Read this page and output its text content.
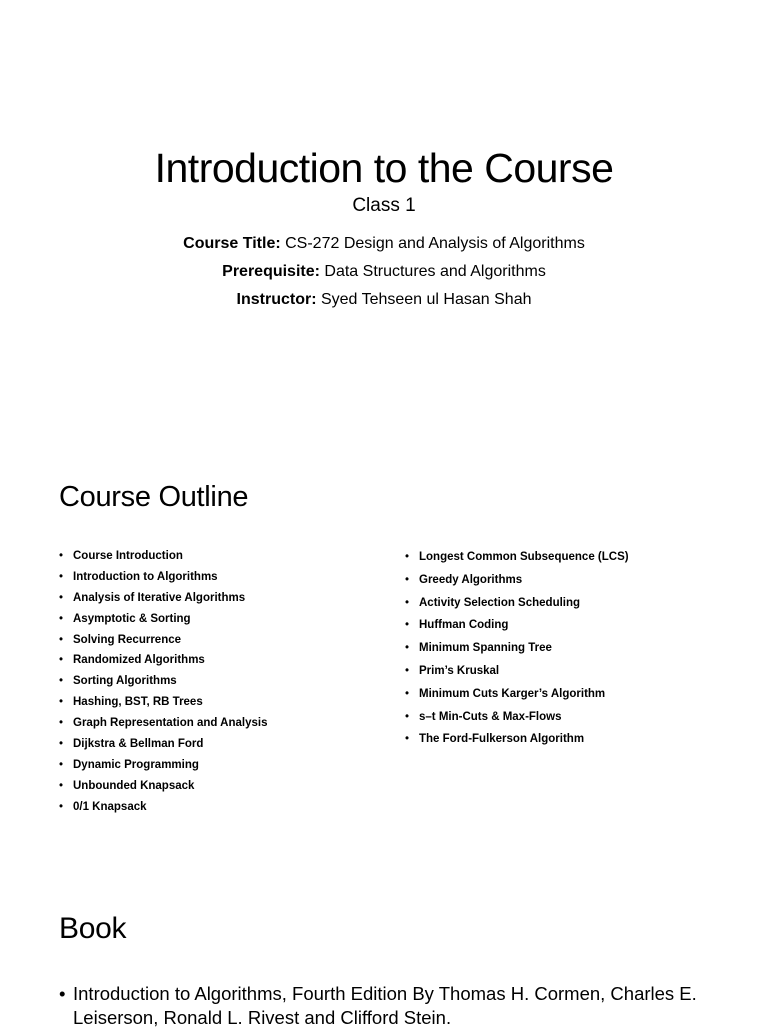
Introduction to the Course
Class 1
Course Title: CS-272 Design and Analysis of Algorithms
Prerequisite: Data Structures and Algorithms
Instructor: Syed Tehseen ul Hasan Shah
Course Outline
• Course Introduction
• Introduction to Algorithms
• Analysis of Iterative Algorithms
• Asymptotic & Sorting
• Solving Recurrence
• Randomized Algorithms
• Sorting Algorithms
• Hashing, BST, RB Trees
• Graph Representation and Analysis
• Dijkstra & Bellman Ford
• Dynamic Programming
• Unbounded Knapsack
• 0/1 Knapsack
• Longest Common Subsequence (LCS)
• Greedy Algorithms
• Activity Selection Scheduling
• Huffman Coding
• Minimum Spanning Tree
• Prim’s Kruskal
• Minimum Cuts Karger’s Algorithm
• s–t Min-Cuts & Max-Flows
• The Ford-Fulkerson Algorithm
Book
• Introduction to Algorithms, Fourth Edition By Thomas H. Cormen, Charles E. Leiserson, Ronald L. Rivest and Clifford Stein.
